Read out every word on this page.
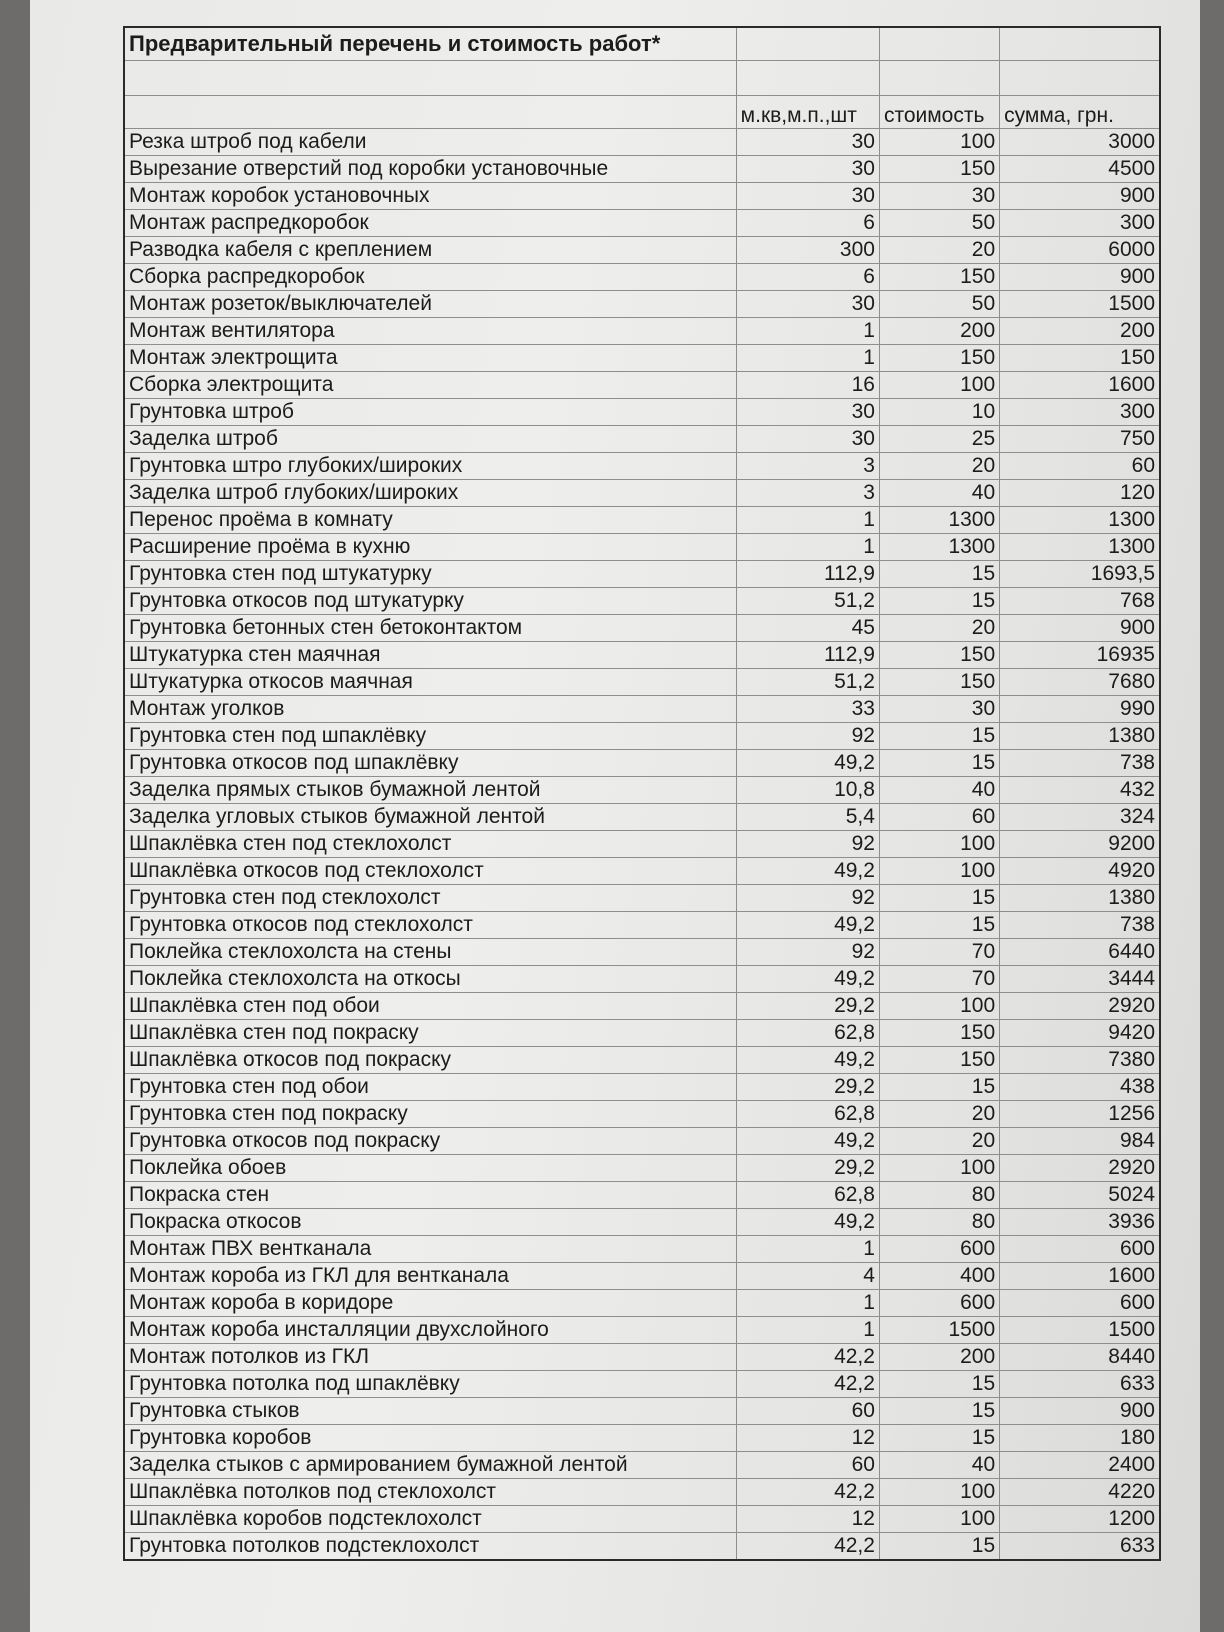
Предварительный перечень и стоимость работ*			

	м.кв,м.п.,шт	стоимость	сумма, грн.
Резка штроб под кабели	30	100	3000
Вырезание отверстий под коробки установочные	30	150	4500
Монтаж коробок установочных	30	30	900
Монтаж распредкоробок	6	50	300
Разводка кабеля с креплением	300	20	6000
Сборка распредкоробок	6	150	900
Монтаж розеток/выключателей	30	50	1500
Монтаж вентилятора	1	200	200
Монтаж электрощита	1	150	150
Сборка электрощита	16	100	1600
Грунтовка штроб	30	10	300
Заделка штроб	30	25	750
Грунтовка штро глубоких/широких	3	20	60
Заделка штроб глубоких/широких	3	40	120
Перенос проёма в комнату	1	1300	1300
Расширение проёма в кухню	1	1300	1300
Грунтовка стен под штукатурку	112,9	15	1693,5
Грунтовка откосов под штукатурку	51,2	15	768
Грунтовка бетонных стен бетоконтактом	45	20	900
Штукатурка стен маячная	112,9	150	16935
Штукатурка откосов маячная	51,2	150	7680
Монтаж уголков	33	30	990
Грунтовка стен под шпаклёвку	92	15	1380
Грунтовка откосов под шпаклёвку	49,2	15	738
Заделка прямых стыков бумажной лентой	10,8	40	432
Заделка угловых стыков бумажной лентой	5,4	60	324
Шпаклёвка стен под стеклохолст	92	100	9200
Шпаклёвка откосов под стеклохолст	49,2	100	4920
Грунтовка стен под стеклохолст	92	15	1380
Грунтовка откосов под стеклохолст	49,2	15	738
Поклейка стеклохолста на стены	92	70	6440
Поклейка стеклохолста на откосы	49,2	70	3444
Шпаклёвка стен под обои	29,2	100	2920
Шпаклёвка стен под покраску	62,8	150	9420
Шпаклёвка откосов под покраску	49,2	150	7380
Грунтовка стен под обои	29,2	15	438
Грунтовка стен под покраску	62,8	20	1256
Грунтовка откосов под покраску	49,2	20	984
Поклейка обоев	29,2	100	2920
Покраска стен	62,8	80	5024
Покраска откосов	49,2	80	3936
Монтаж ПВХ вентканала	1	600	600
Монтаж короба из ГКЛ для вентканала	4	400	1600
Монтаж короба в коридоре	1	600	600
Монтаж короба инсталляции двухслойного	1	1500	1500
Монтаж потолков из ГКЛ	42,2	200	8440
Грунтовка потолка под шпаклёвку	42,2	15	633
Грунтовка стыков	60	15	900
Грунтовка коробов	12	15	180
Заделка стыков с армированием бумажной лентой	60	40	2400
Шпаклёвка потолков под стеклохолст	42,2	100	4220
Шпаклёвка коробов подстеклохолст	12	100	1200
Грунтовка потолков подстеклохолст	42,2	15	633
